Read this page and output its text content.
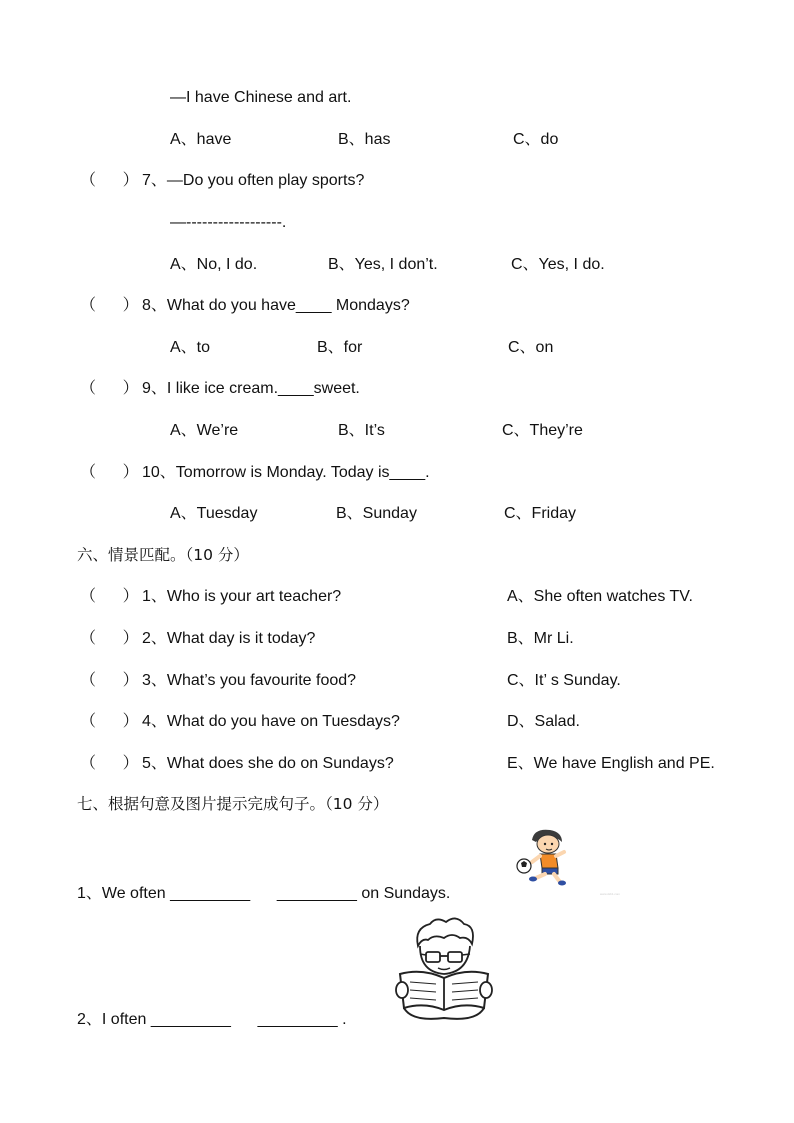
—I have Chinese and art.
A、have	B、has	C、do
（      ） 7、—Do you often play sports?
—------------------.
A、No, I do.	B、Yes, I don’t.	C、Yes, I do.
（      ） 8、What do you have____ Mondays?
A、to	B、for	C、on
（      ） 9、I like ice cream.____sweet.
A、We’re	B、It’s	C、They’re
（      ） 10、Tomorrow is Monday. Today is____.
A、Tuesday	B、Sunday	C、Friday
六、情景匹配。（10 分）
（      ） 1、Who is your art teacher?	A、She often watches TV.
（      ） 2、What day is it today?	B、Mr Li.
（      ） 3、What’s you favourite food?	C、It’ s Sunday.
（      ） 4、What do you have on Tuesdays?	D、Salad.
（      ） 5、What does she do on Sundays?	E、We have English and PE.
七、根据句意及图片提示完成句子。（10 分）
www.xkb1.com
1、We often _________      _________ on Sundays.
2、I often _________      _________ .
